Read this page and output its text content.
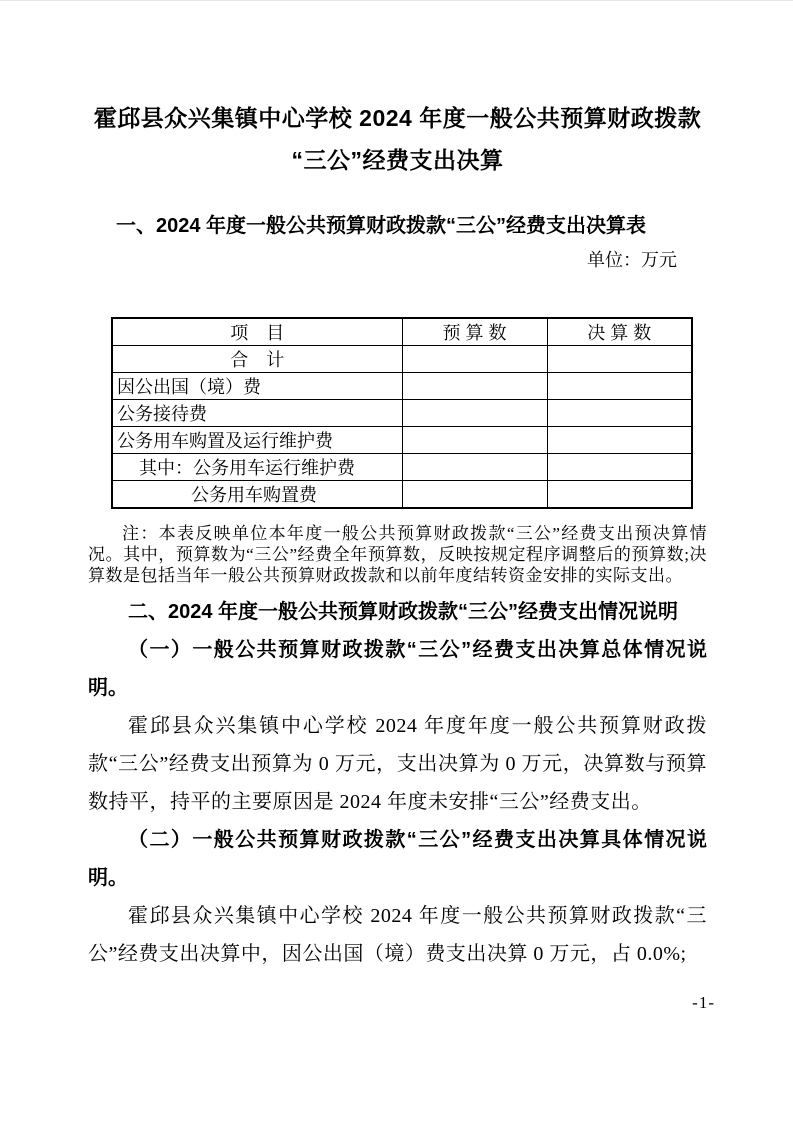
霍邱县众兴集镇中心学校 2024 年度一般公共预算财政拨款
“三公”经费支出决算
一、2024 年度一般公共预算财政拨款“三公”经费支出决算表
单位：万元
项　目	预 算 数	决 算 数
合　计		
因公出国（境）费		
公务接待费		
公务用车购置及运行维护费		
其中：公务用车运行维护费		
公务用车购置费		
注：本表反映单位本年度一般公共预算财政拨款“三公”经费支出预决算情况。其中，预算数为“三公”经费全年预算数，反映按规定程序调整后的预算数;决算数是包括当年一般公共预算财政拨款和以前年度结转资金安排的实际支出。
二、2024 年度一般公共预算财政拨款“三公”经费支出情况说明
（一）一般公共预算财政拨款“三公”经费支出决算总体情况说明。
霍邱县众兴集镇中心学校 2024 年度年度一般公共预算财政拨款“三公”经费支出预算为 0 万元，支出决算为 0 万元，决算数与预算数持平，持平的主要原因是 2024 年度未安排“三公”经费支出。
（二）一般公共预算财政拨款“三公”经费支出决算具体情况说明。
霍邱县众兴集镇中心学校 2024 年度一般公共预算财政拨款“三公”经费支出决算中，因公出国（境）费支出决算 0 万元，占 0.0%;
-1-
